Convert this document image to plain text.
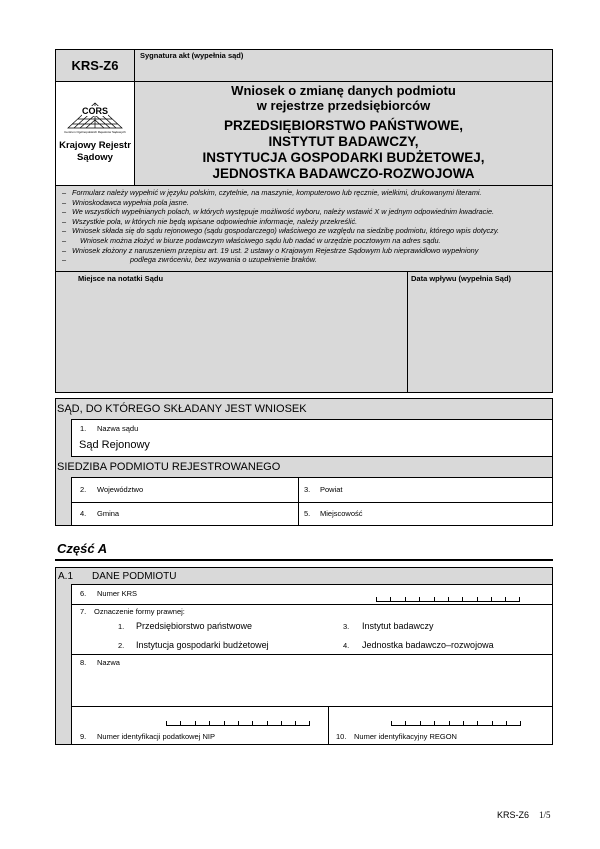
KRS-Z6
Sygnatura akt (wypełnia sąd)
CORS
Centrum Ogólnopolskich Rejestrów Sądowych
Krajowy Rejestr
Sądowy
Wniosek o zmianę danych podmiotu
w rejestrze przedsiębiorców
PRZEDSIĘBIORSTWO PAŃSTWOWE,
INSTYTUT BADAWCZY,
INSTYTUCJA GOSPODARKI BUDŻETOWEJ,
JEDNOSTKA BADAWCZO-ROZWOJOWA
– Formularz należy wypełnić w języku polskim, czytelnie, na maszynie, komputerowo lub ręcznie, wielkimi, drukowanymi literami.
– Wnioskodawca wypełnia pola jasne.
– We wszystkich wypełnianych polach, w których występuje możliwość wyboru, należy wstawić X w jednym odpowiednim kwadracie.
– Wszystkie pola, w których nie będą wpisane odpowiednie informacje, należy przekreślić.
– Wniosek składa się do sądu rejonowego (sądu gospodarczego) właściwego ze względu na siedzibę podmiotu, którego wpis dotyczy.
– Wniosek można złożyć w biurze podawczym właściwego sądu lub nadać w urzędzie pocztowym na adres sądu.
– Wniosek złożony z naruszeniem przepisu art. 19 ust. 2 ustawy o Krajowym Rejestrze Sądowym lub nieprawidłowo wypełniony
– podlega zwróceniu, bez wzywania o uzupełnienie braków.
Miejsce na notatki Sądu	Data wpływu (wypełnia Sąd)
SĄD, DO KTÓREGO SKŁADANY JEST WNIOSEK
1. Nazwa sądu
Sąd Rejonowy
SIEDZIBA PODMIOTU REJESTROWANEGO
2. Województwo	3. Powiat
4. Gmina	5. Miejscowość
Część A
A.1 DANE PODMIOTU
6. Numer KRS
7. Oznaczenie formy prawnej:
1. Przedsiębiorstwo państwowe
2. Instytucja gospodarki budżetowej
3. Instytut badawczy
4. Jednostka badawczo–rozwojowa
8. Nazwa
9. Numer identyfikacji podatkowej NIP	10. Numer identyfikacyjny REGON
KRS-Z6 1/5
